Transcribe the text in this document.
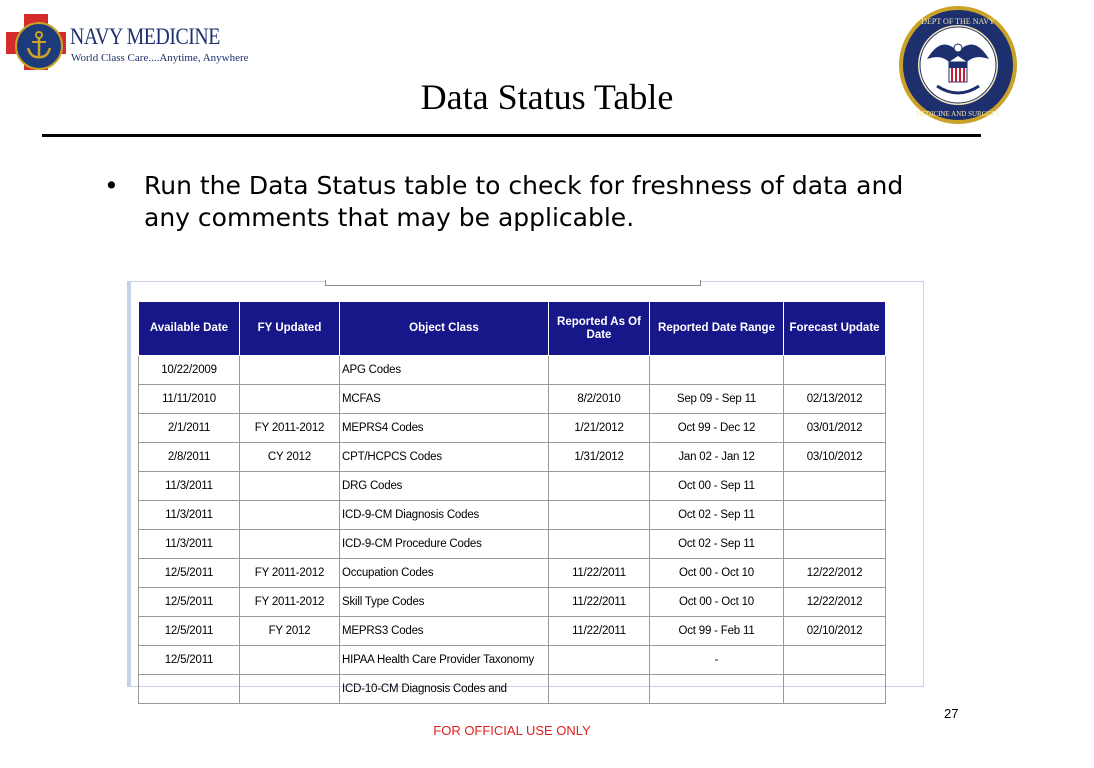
NAVY MEDICINE
World Class Care....Anytime, Anywhere
DEPT OF THE NAVY
MEDICINE AND SURGERY
Data Status Table
• Run the Data Status table to check for freshness of data and any comments that may be applicable.
Available Date	FY Updated	Object Class	Reported As Of Date	Reported Date Range	Forecast Update
10/22/2009		APG Codes			
11/11/2010		MCFAS	8/2/2010	Sep 09 - Sep 11	02/13/2012
2/1/2011	FY 2011-2012	MEPRS4 Codes	1/21/2012	Oct 99 - Dec 12	03/01/2012
2/8/2011	CY 2012	CPT/HCPCS Codes	1/31/2012	Jan 02 - Jan 12	03/10/2012
11/3/2011		DRG Codes		Oct 00 - Sep 11	
11/3/2011		ICD-9-CM Diagnosis Codes		Oct 02 - Sep 11	
11/3/2011		ICD-9-CM Procedure Codes		Oct 02 - Sep 11	
12/5/2011	FY 2011-2012	Occupation Codes	11/22/2011	Oct 00 - Oct 10	12/22/2012
12/5/2011	FY 2011-2012	Skill Type Codes	11/22/2011	Oct 00 - Oct 10	12/22/2012
12/5/2011	FY 2012	MEPRS3 Codes	11/22/2011	Oct 99 - Feb 11	02/10/2012
12/5/2011		HIPAA Health Care Provider Taxonomy		-	
		ICD-10-CM Diagnosis Codes and			
27
FOR OFFICIAL USE ONLY
